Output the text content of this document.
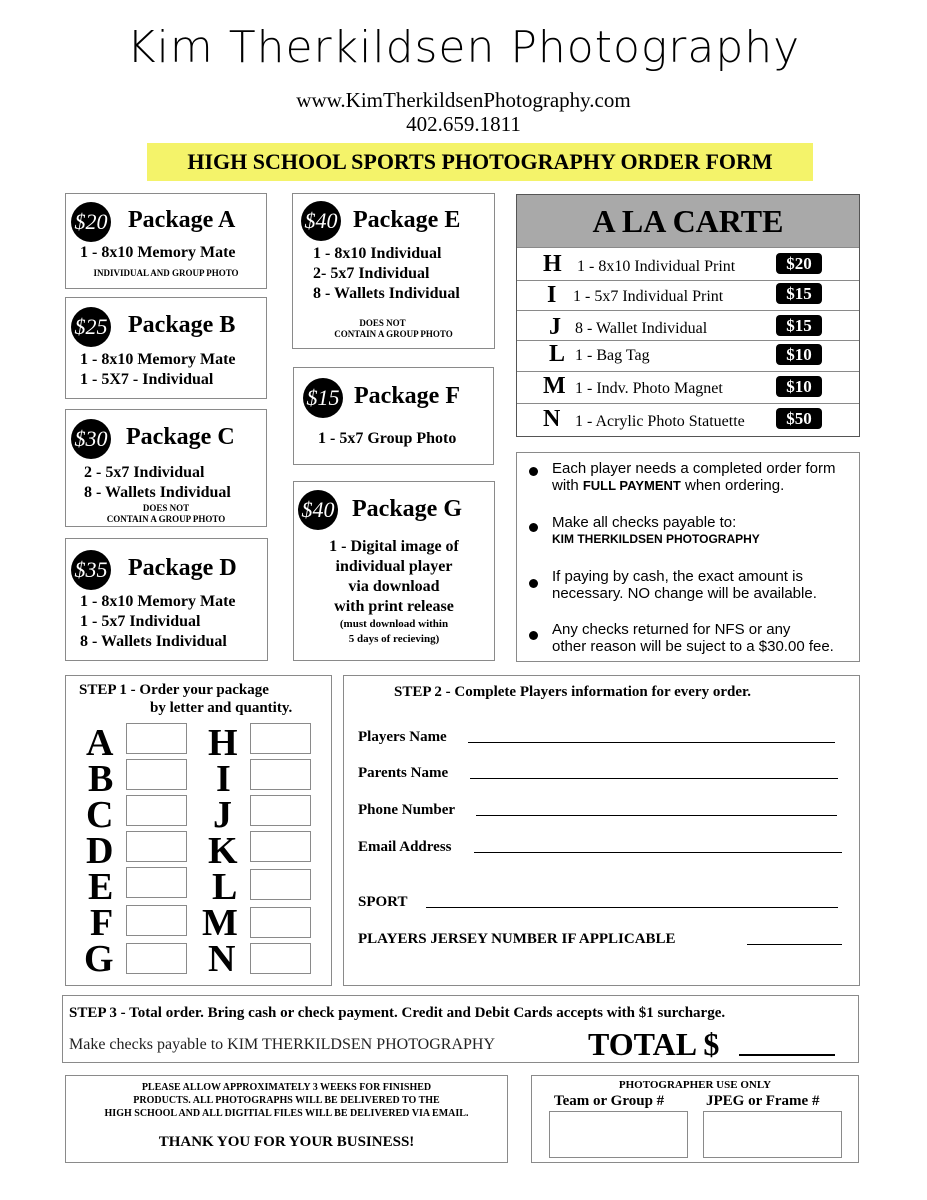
Kim Therkildsen Photography
www.KimTherkildsenPhotography.com
402.659.1811
HIGH SCHOOL SPORTS PHOTOGRAPHY ORDER FORM
$20 Package A
1 - 8x10 Memory Mate
INDIVIDUAL AND GROUP PHOTO
$25 Package B
1 - 8x10 Memory Mate
1 - 5X7 - Individual
$30 Package C
2 - 5x7 Individual
8 - Wallets Individual
DOES NOT
CONTAIN A GROUP PHOTO
$35 Package D
1 - 8x10 Memory Mate
1 - 5x7 Individual
8 - Wallets Individual
$40 Package E
1 - 8x10 Individual
2- 5x7 Individual
8 - Wallets Individual
DOES NOT
CONTAIN A GROUP PHOTO
$15 Package F
1 - 5x7 Group Photo
$40 Package G
1 - Digital image of
individual player
via download
with print release
(must download within
5 days of recieving)
A LA CARTE
H 1 - 8x10 Individual Print	$20
I 1 - 5x7 Individual Print	$15
J 8 - Wallet Individual	$15
L 1 - Bag Tag	$10
M 1 - Indv. Photo Magnet	$10
N 1 - Acrylic Photo Statuette	$50
Each player needs a completed order form
with FULL PAYMENT when ordering.
Make all checks payable to:
KIM THERKILDSEN PHOTOGRAPHY
If paying by cash, the exact amount is
necessary. NO change will be available.
Any checks returned for NFS or any
other reason will be suject to a $30.00 fee.
STEP 1 - Order your package
by letter and quantity.
A
B
C
D
E
F
G
H
I
J
K
L
M
N
STEP 2 - Complete Players information for every order.
Players Name
Parents Name
Phone Number
Email Address
SPORT
PLAYERS JERSEY NUMBER IF APPLICABLE
STEP 3 - Total order. Bring cash or check payment. Credit and Debit Cards accepts with $1 surcharge.
Make checks payable to KIM THERKILDSEN PHOTOGRAPHY	TOTAL $
PLEASE ALLOW APPROXIMATELY 3 WEEKS FOR FINISHED
PRODUCTS. ALL PHOTOGRAPHS WILL BE DELIVERED TO THE
HIGH SCHOOL AND ALL DIGITIAL FILES WILL BE DELIVERED VIA EMAIL.
THANK YOU FOR YOUR BUSINESS!
PHOTOGRAPHER USE ONLY
Team or Group #	JPEG or Frame #
